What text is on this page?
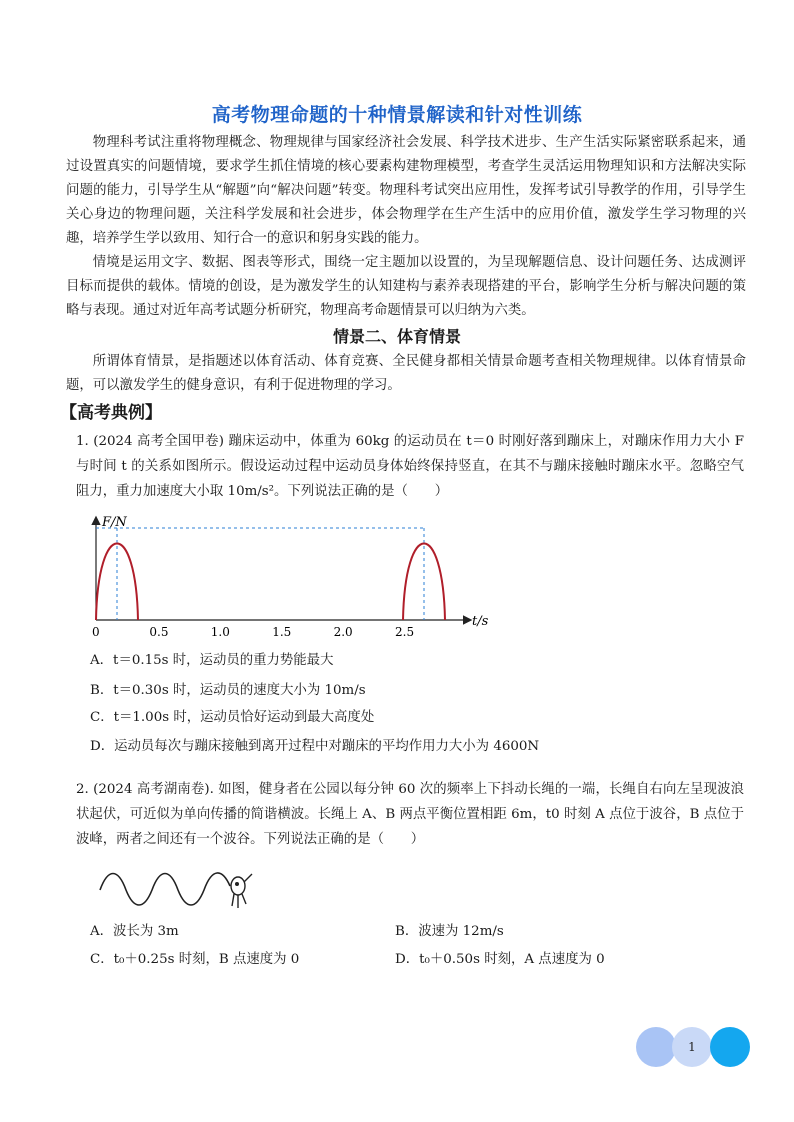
高考物理命题的十种情景解读和针对性训练
物理科考试注重将物理概念、物理规律与国家经济社会发展、科学技术进步、生产生活实际紧密联系起来，通过设置真实的问题情境，要求学生抓住情境的核心要素构建物理模型，考查学生灵活运用物理知识和方法解决实际问题的能力，引导学生从“解题”向“解决问题”转变。物理科考试突出应用性，发挥考试引导教学的作用，引导学生关心身边的物理问题，关注科学发展和社会进步，体会物理学在生产生活中的应用价值，激发学生学习物理的兴趣，培养学生学以致用、知行合一的意识和躬身实践的能力。
情境是运用文字、数据、图表等形式，围绕一定主题加以设置的，为呈现解题信息、设计问题任务、达成测评目标而提供的载体。情境的创设，是为激发学生的认知建构与素养表现搭建的平台，影响学生分析与解决问题的策略与表现。通过对近年高考试题分析研究，物理高考命题情景可以归纳为六类。
情景二、体育情景
所谓体育情景，是指题述以体育活动、体育竞赛、全民健身都相关情景命题考查相关物理规律。以体育情景命题，可以激发学生的健身意识，有利于促进物理的学习。
【高考典例】
1. (2024 高考全国甲卷) 蹦床运动中，体重为 60kg 的运动员在 t＝0 时刚好落到蹦床上，对蹦床作用力大小 F 与时间 t 的关系如图所示。假设运动过程中运动员身体始终保持竖直，在其不与蹦床接触时蹦床水平。忽略空气阻力，重力加速度大小取 10m/s²。下列说法正确的是（　　）
F/N
t/s
0	0.5	1.0	1.5	2.0	2.5
A．t＝0.15s 时，运动员的重力势能最大
B．t＝0.30s 时，运动员的速度大小为 10m/s
C．t＝1.00s 时，运动员恰好运动到最大高度处
D．运动员每次与蹦床接触到离开过程中对蹦床的平均作用力大小为 4600N
2. (2024 高考湖南卷). 如图，健身者在公园以每分钟 60 次的频率上下抖动长绳的一端，长绳自右向左呈现波浪状起伏，可近似为单向传播的简谐横波。长绳上 A、B 两点平衡位置相距 6m，t0 时刻 A 点位于波谷，B 点位于波峰，两者之间还有一个波谷。下列说法正确的是（　　）
A．波长为 3m	B．波速为 12m/s
C．t₀＋0.25s 时刻，B 点速度为 0	D．t₀＋0.50s 时刻，A 点速度为 0
1
